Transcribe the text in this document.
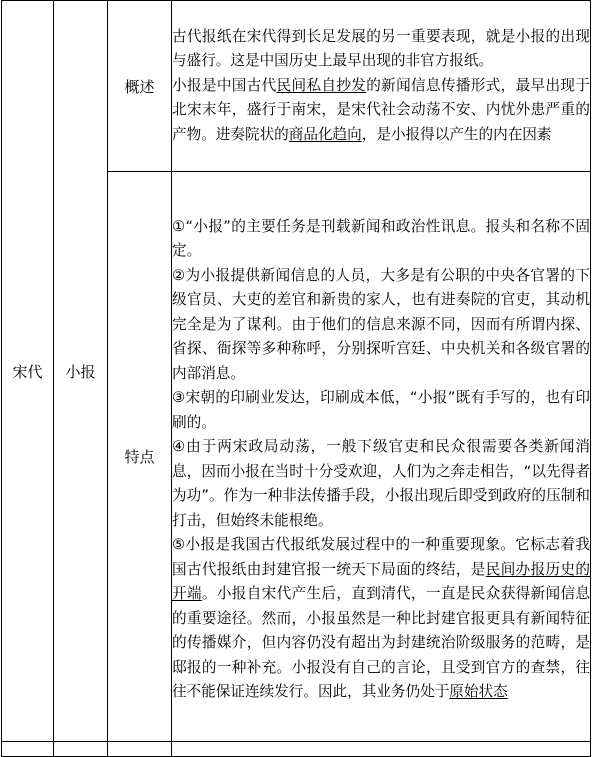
宋代	小报	概述	古代报纸在宋代得到长足发展的另一重要表现，就是小报的出现与盛行。这是中国历史上最早出现的非官方报纸。

小报是中国古代民间私自抄发的新闻信息传播形式，最早出现于北宋末年，盛行于南宋，是宋代社会动荡不安、内忧外患严重的产物。进奏院状的商品化趋向，是小报得以产生的内在因素

		特点	①“小报”的主要任务是刊载新闻和政治性讯息。报头和名称不固定。

②为小报提供新闻信息的人员，大多是有公职的中央各官署的下级官员、大吏的差官和新贵的家人，也有进奏院的官吏，其动机完全是为了谋利。由于他们的信息来源不同，因而有所谓内探、省探、衙探等多种称呼，分别探听宫廷、中央机关和各级官署的内部消息。

③宋朝的印刷业发达，印刷成本低，“小报”既有手写的，也有印刷的。

④由于两宋政局动荡，一般下级官吏和民众很需要各类新闻消息，因而小报在当时十分受欢迎，人们为之奔走相告，“以先得者为功”。作为一种非法传播手段，小报出现后即受到政府的压制和打击，但始终未能根绝。

⑤小报是我国古代报纸发展过程中的一种重要现象。它标志着我国古代报纸由封建官报一统天下局面的终结，是民间办报历史的开端。小报自宋代产生后，直到清代，一直是民众获得新闻信息的重要途径。然而，小报虽然是一种比封建官报更具有新闻特征的传播媒介，但内容仍没有超出为封建统治阶级服务的范畴，是邸报的一种补充。小报没有自己的言论，且受到官方的查禁，往往不能保证连续发行。因此，其业务仍处于原始状态
